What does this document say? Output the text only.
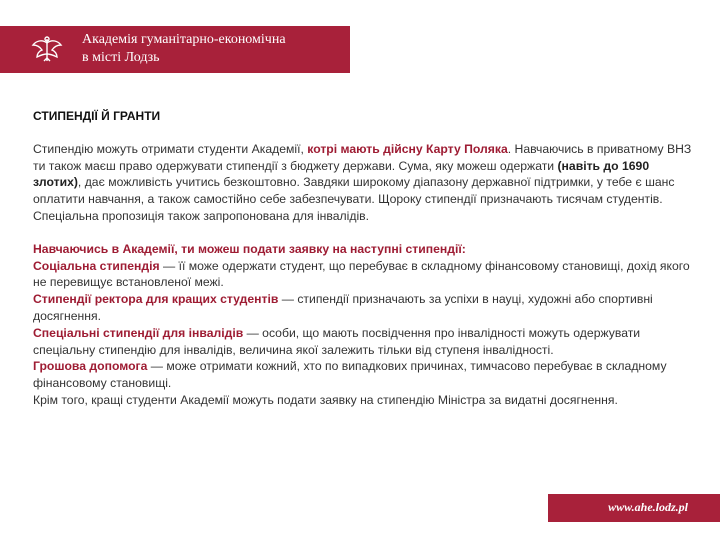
Академія гуманітарно-економічна
в місті Лодзь
СТИПЕНДІЇ Й ГРАНТИ

Стипендію можуть отримати студенти Академії, котрі мають дійсну Карту Поляка. Навчаючись в приватному ВНЗ ти також маєш право одержувати стипендії з бюджету держави. Сума, яку можеш одержати (навіть до 1690 злотих), дає можливість учитись безкоштовно. Завдяки широкому діапазону державної підтримки, у тебе є шанс оплатити навчання, а також самостійно себе забезпечувати. Щороку стипендії призначають тисячам студентів. Спеціальна пропозиція також запропонована для інвалідів.

Навчаючись в Академії, ти можеш подати заявку на наступні стипендії:
Соціальна стипендія — її може одержати студент, що перебуває в складному фінансовому становищі, дохід якого не перевищує встановленої межі.
Стипендії ректора для кращих студентів — стипендії призначають за успіхи в науці, художні або спортивні досягнення.
Спеціальні стипендії для інвалідів — особи, що мають посвідчення про інвалідності можуть одержувати спеціальну стипендію для інвалідів, величина якої залежить тільки від ступеня інвалідності.
Грошова допомога — може отримати кожний, хто по випадкових причинах, тимчасово перебуває в складному фінансовому становищі.
Крім того, кращі студенти Академії можуть подати заявку на стипендію Міністра за видатні досягнення.

www.ahe.lodz.pl
